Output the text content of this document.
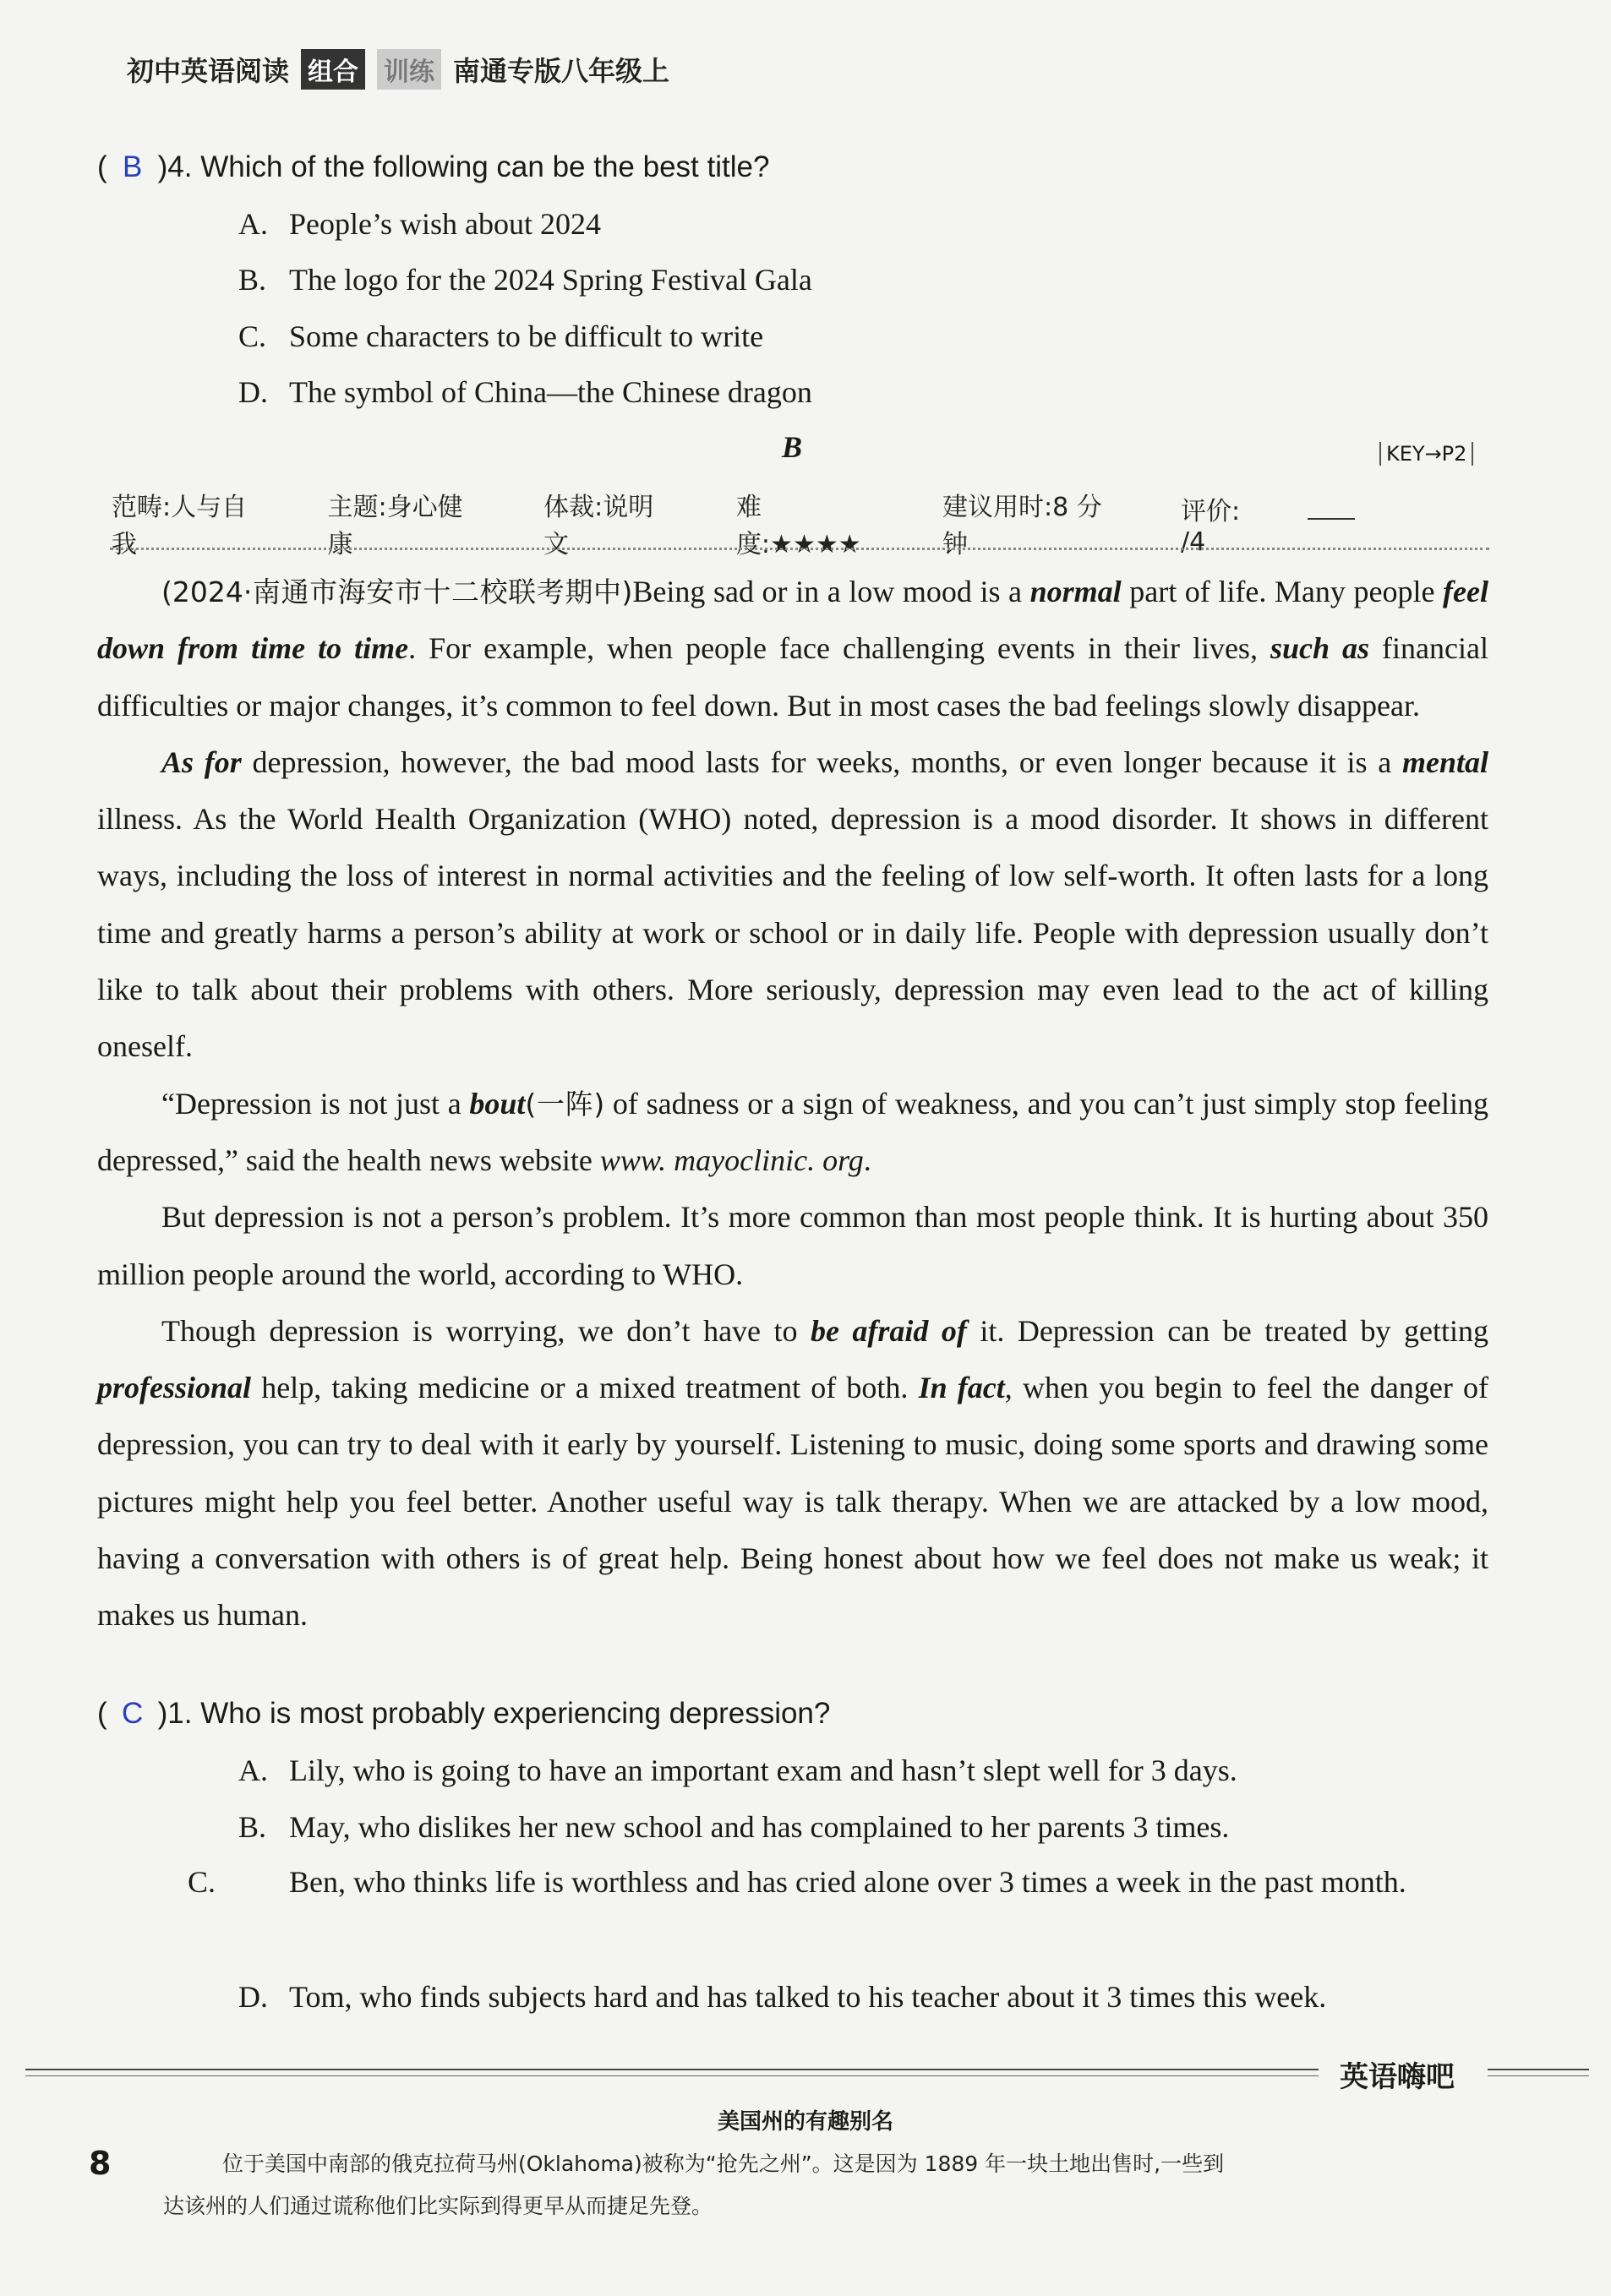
初中英语阅读 组合 训练 南通专版八年级上
( B )4. Which of the following can be the best title?
A. People’s wish about 2024
B. The logo for the 2024 Spring Festival Gala
C. Some characters to be difficult to write
D. The symbol of China—the Chinese dragon
B	KEY→P2
范畴:人与自我
主题:身心健康
体裁:说明文
难度:★★★★
建议用时:8 分钟
评价:/4

(2024·南通市海安市十二校联考期中)Being sad or in a low mood is a normal part of life. Many people feel down from time to time. For example, when people face challenging events in their lives, such as financial difficulties or major changes, it’s common to feel down. But in most cases the bad feelings slowly disappear.

As for depression, however, the bad mood lasts for weeks, months, or even longer because it is a mental illness. As the World Health Organization (WHO) noted, depression is a mood disorder. It shows in different ways, including the loss of interest in normal activities and the feeling of low self-worth. It often lasts for a long time and greatly harms a person’s ability at work or school or in daily life. People with depression usually don’t like to talk about their problems with others. More seriously, depression may even lead to the act of killing oneself.

“Depression is not just a bout(一阵) of sadness or a sign of weakness, and you can’t just simply stop feeling depressed,” said the health news website www. mayoclinic. org.

But depression is not a person’s problem. It’s more common than most people think. It is hurting about 350 million people around the world, according to WHO.

Though depression is worrying, we don’t have to be afraid of it. Depression can be treated by getting professional help, taking medicine or a mixed treatment of both. In fact, when you begin to feel the danger of depression, you can try to deal with it early by yourself. Listening to music, doing some sports and drawing some pictures might help you feel better. Another useful way is talk therapy. When we are attacked by a low mood, having a conversation with others is of great help. Being honest about how we feel does not make us weak; it makes us human.

( C )1. Who is most probably experiencing depression?
A. Lily, who is going to have an important exam and hasn’t slept well for 3 days.
B. May, who dislikes her new school and has complained to her parents 3 times.
C. Ben, who thinks life is worthless and has cried alone over 3 times a week in the past month.
D. Tom, who finds subjects hard and has talked to his teacher about it 3 times this week.
英语嗨吧
美国州的有趣别名
8	位于美国中南部的俄克拉荷马州(Oklahoma)被称为“抢先之州”。这是因为 1889 年一块土地出售时,一些到
达该州的人们通过谎称他们比实际到得更早从而捷足先登。
